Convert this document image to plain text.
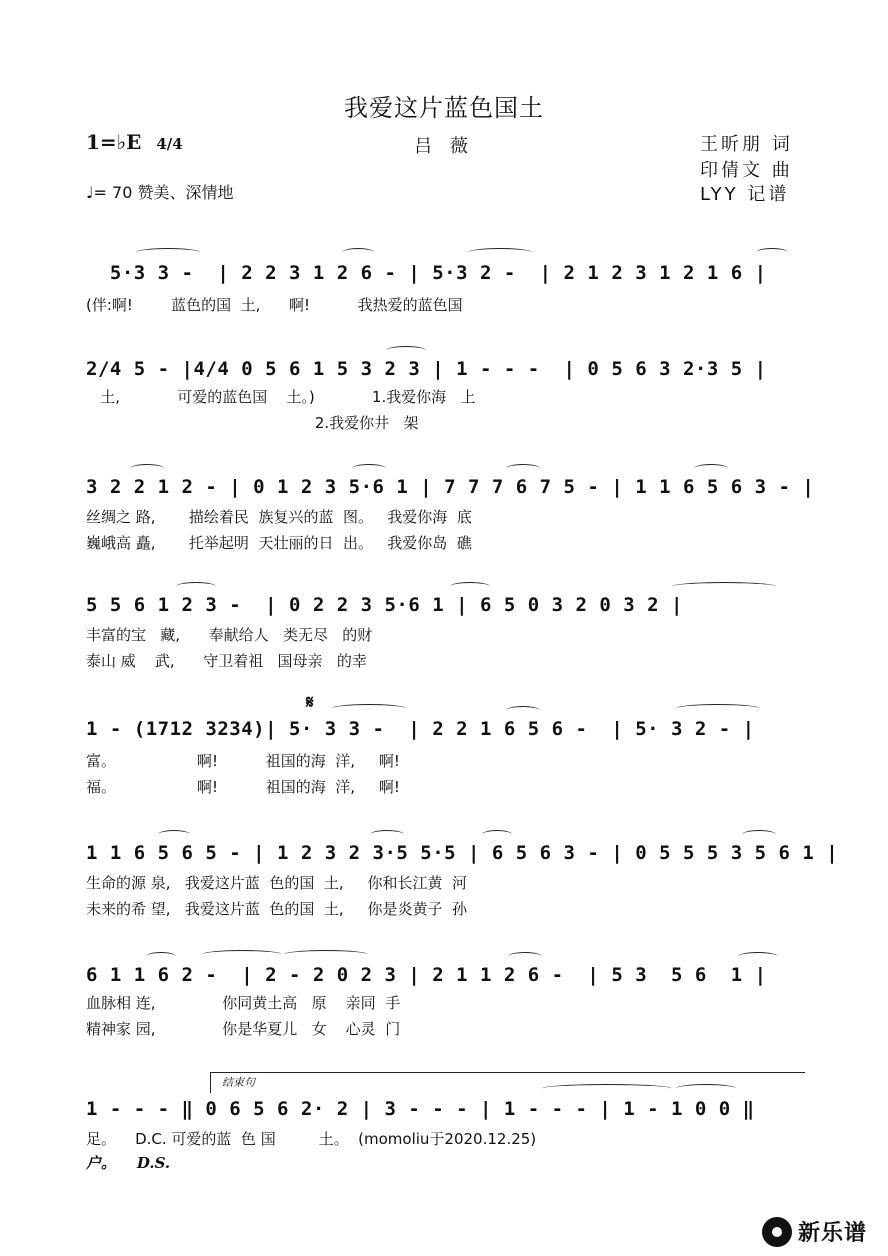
我爱这片蓝色国土
吕 薇
1=♭E 4/4
♩= 70 赞美、深情地
王昕朋 词
印倩文 曲
LYY 记谱
5·3 3 -  | 2 2 3 1 2 6 - | 5·3 2 -  | 2 1 2 3 1 2 1 6 |
(伴:啊!        蓝色的国  土,      啊!          我热爱的蓝色国
2/4 5 - |4/4 0 5 6 1 5 3 2 3 | 1 - - -  | 0 5 6 3 2·3 5 |
土,            可爱的蓝色国    土。)            1.我爱你海   上
2.我爱你井   架
3 2 2 1 2 - | 0 1 2 3 5·6 1 | 7 7 7 6 7 5 - | 1 1 6 5 6 3 - |
丝绸之 路,       描绘着民  族复兴的蓝  图。   我爱你海  底
巍峨高 矗,       托举起明  天壮丽的日  出。   我爱你岛  礁
5 5 6 1 2 3 -  | 0 2 2 3 5·6 1 | 6 5 0 3 2 0 3 2 |
丰富的宝   藏,      奉献给人   类无尽   的财
泰山 威    武,      守卫着祖   国母亲   的幸
𝄋
1 - (1712 3234)| 5· 3 3 -  | 2 2 1 6 5 6 -  | 5· 3 2 - |
富。                 啊!          祖国的海  洋,     啊!
福。                 啊!          祖国的海  洋,     啊!
1 1 6 5 6 5 - | 1 2 3 2 3·5 5·5 | 6 5 6 3 - | 0 5 5 5 3 5 6 1 |
生命的源 泉,   我爱这片蓝  色的国  土,     你和长江黄  河
未来的希 望,   我爱这片蓝  色的国  土,     你是炎黄子  孙
6 1 1 6 2 -  | 2 - 2 0 2 3 | 2 1 1 2 6 -  | 5 3  5 6  1 |
血脉相 连,              你同黄土高   原    亲同  手
精神家 园,              你是华夏儿   女    心灵  门
结束句
1 - - - ‖ 0 6 5 6 2· 2 | 3 - - - | 1 - - - | 1 - 1 0 0 ‖
足。    D.C. 可爱的蓝  色 国         土。  (momoliu于2020.12.25)
户。    D.S.
新乐谱
